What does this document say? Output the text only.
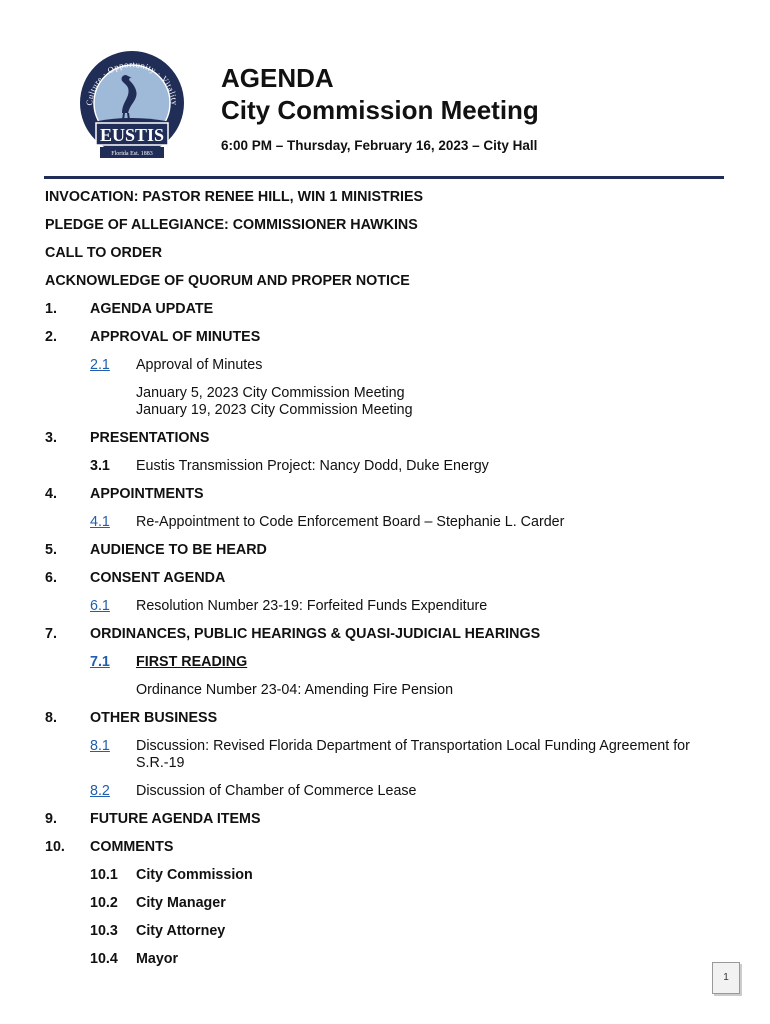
Culture · Opportunity · Vitality
EUSTIS
Florida Est. 1883
AGENDA
City Commission Meeting
6:00 PM – Thursday, February 16, 2023 – City Hall
INVOCATION: PASTOR RENEE HILL, WIN 1 MINISTRIES
PLEDGE OF ALLEGIANCE: COMMISSIONER HAWKINS
CALL TO ORDER
ACKNOWLEDGE OF QUORUM AND PROPER NOTICE
1. AGENDA UPDATE
2. APPROVAL OF MINUTES
2.1 Approval of Minutes
January 5, 2023 City Commission Meeting
January 19, 2023 City Commission Meeting
3. PRESENTATIONS
3.1 Eustis Transmission Project: Nancy Dodd, Duke Energy
4. APPOINTMENTS
4.1 Re-Appointment to Code Enforcement Board – Stephanie L. Carder
5. AUDIENCE TO BE HEARD
6. CONSENT AGENDA
6.1 Resolution Number 23-19: Forfeited Funds Expenditure
7. ORDINANCES, PUBLIC HEARINGS & QUASI-JUDICIAL HEARINGS
7.1 FIRST READING
Ordinance Number 23-04: Amending Fire Pension
8. OTHER BUSINESS
8.1 Discussion: Revised Florida Department of Transportation Local Funding Agreement for S.R.-19
8.2 Discussion of Chamber of Commerce Lease
9. FUTURE AGENDA ITEMS
10. COMMENTS
10.1 City Commission
10.2 City Manager
10.3 City Attorney
10.4 Mayor
1
